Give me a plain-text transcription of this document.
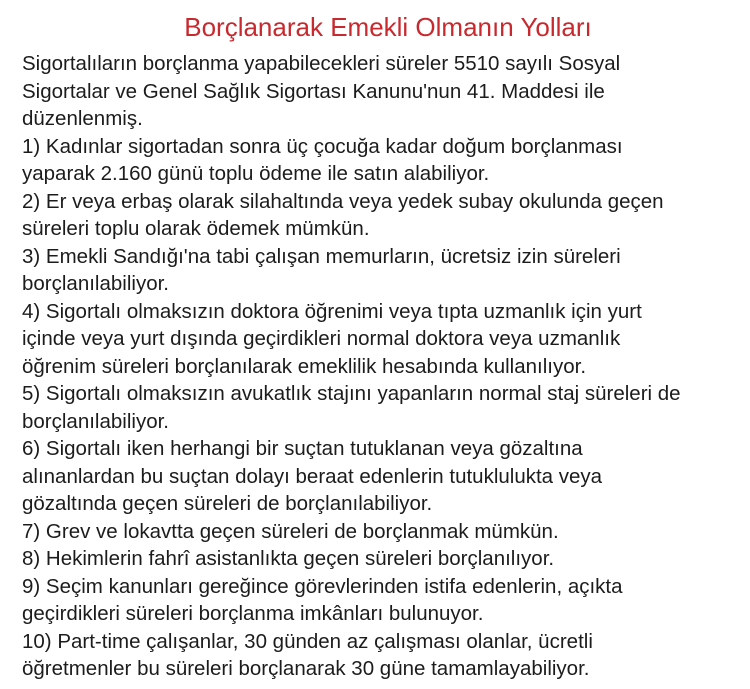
Borçlanarak Emekli Olmanın Yolları

Sigortalıların borçlanma yapabilecekleri süreler 5510 sayılı Sosyal

Sigortalar ve Genel Sağlık Sigortası Kanunu'nun 41. Maddesi ile

düzenlenmiş.

1) Kadınlar sigortadan sonra üç çocuğa kadar doğum borçlanması

yaparak 2.160 günü toplu ödeme ile satın alabiliyor.

2) Er veya erbaş olarak silahaltında veya yedek subay okulunda geçen

süreleri toplu olarak ödemek mümkün.

3) Emekli Sandığı'na tabi çalışan memurların, ücretsiz izin süreleri

borçlanılabiliyor.

4) Sigortalı olmaksızın doktora öğrenimi veya tıpta uzmanlık için yurt

içinde veya yurt dışında geçirdikleri normal doktora veya uzmanlık

öğrenim süreleri borçlanılarak emeklilik hesabında kullanılıyor.

5) Sigortalı olmaksızın avukatlık stajını yapanların normal staj süreleri de

borçlanılabiliyor.

6) Sigortalı iken herhangi bir suçtan tutuklanan veya gözaltına

alınanlardan bu suçtan dolayı beraat edenlerin tutuklulukta veya

gözaltında geçen süreleri de borçlanılabiliyor.

7) Grev ve lokavtta geçen süreleri de borçlanmak mümkün.

8) Hekimlerin fahrî asistanlıkta geçen süreleri borçlanılıyor.

9) Seçim kanunları gereğince görevlerinden istifa edenlerin, açıkta

geçirdikleri süreleri borçlanma imkânları bulunuyor.

10) Part-time çalışanlar, 30 günden az çalışması olanlar, ücretli

öğretmenler bu süreleri borçlanarak 30 güne tamamlayabiliyor.
